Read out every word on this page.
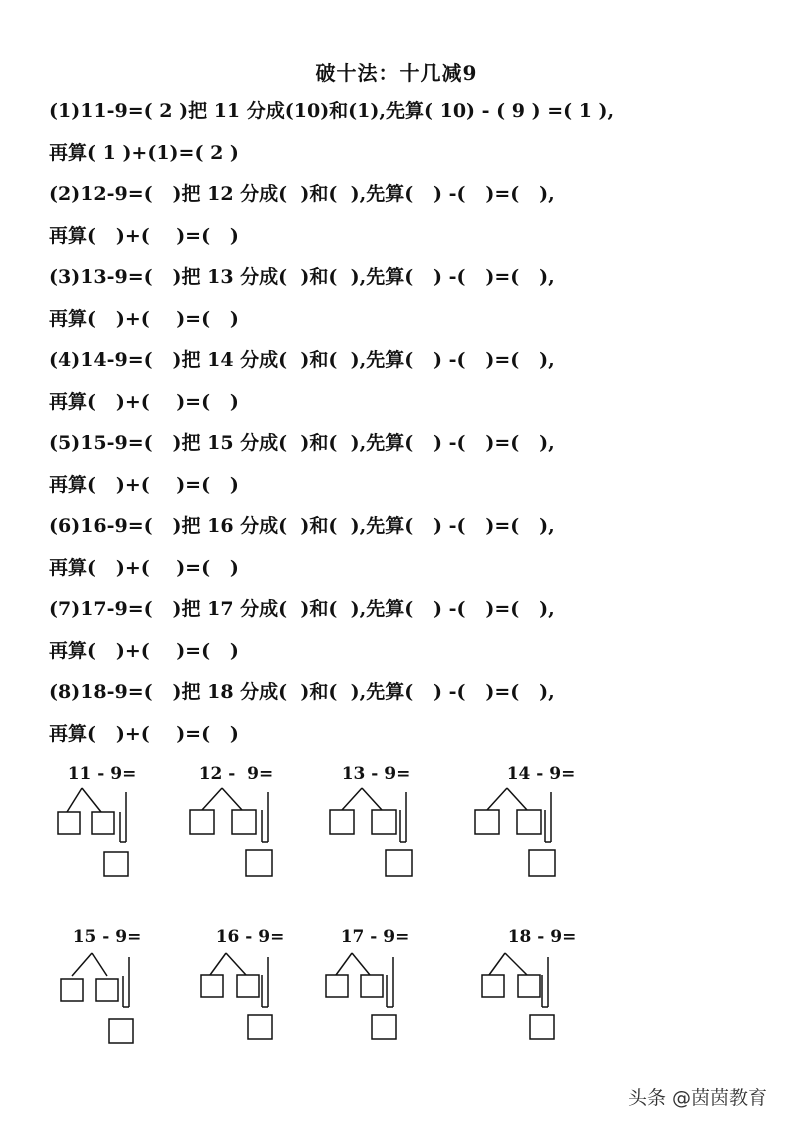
破十法：十几减9
(1)11-9=( 2 )把 11 分成(10)和(1),先算( 10) - ( 9 ) =( 1 ),
再算( 1 )+(1)=( 2 )
(2)12-9=(   )把 12 分成(  )和(  ),先算(   ) -(   )=(   ),
再算(   )+(    )=(   )
(3)13-9=(   )把 13 分成(  )和(  ),先算(   ) -(   )=(   ),
再算(   )+(    )=(   )
(4)14-9=(   )把 14 分成(  )和(  ),先算(   ) -(   )=(   ),
再算(   )+(    )=(   )
(5)15-9=(   )把 15 分成(  )和(  ),先算(   ) -(   )=(   ),
再算(   )+(    )=(   )
(6)16-9=(   )把 16 分成(  )和(  ),先算(   ) -(   )=(   ),
再算(   )+(    )=(   )
(7)17-9=(   )把 17 分成(  )和(  ),先算(   ) -(   )=(   ),
再算(   )+(    )=(   )
(8)18-9=(   )把 18 分成(  )和(  ),先算(   ) -(   )=(   ),
再算(   )+(    )=(   )
11 - 9=	12 -  9=	13 - 9=	14 - 9=
15 - 9=	16 - 9=	17 - 9=	18 - 9=
头条 @茵茵教育
